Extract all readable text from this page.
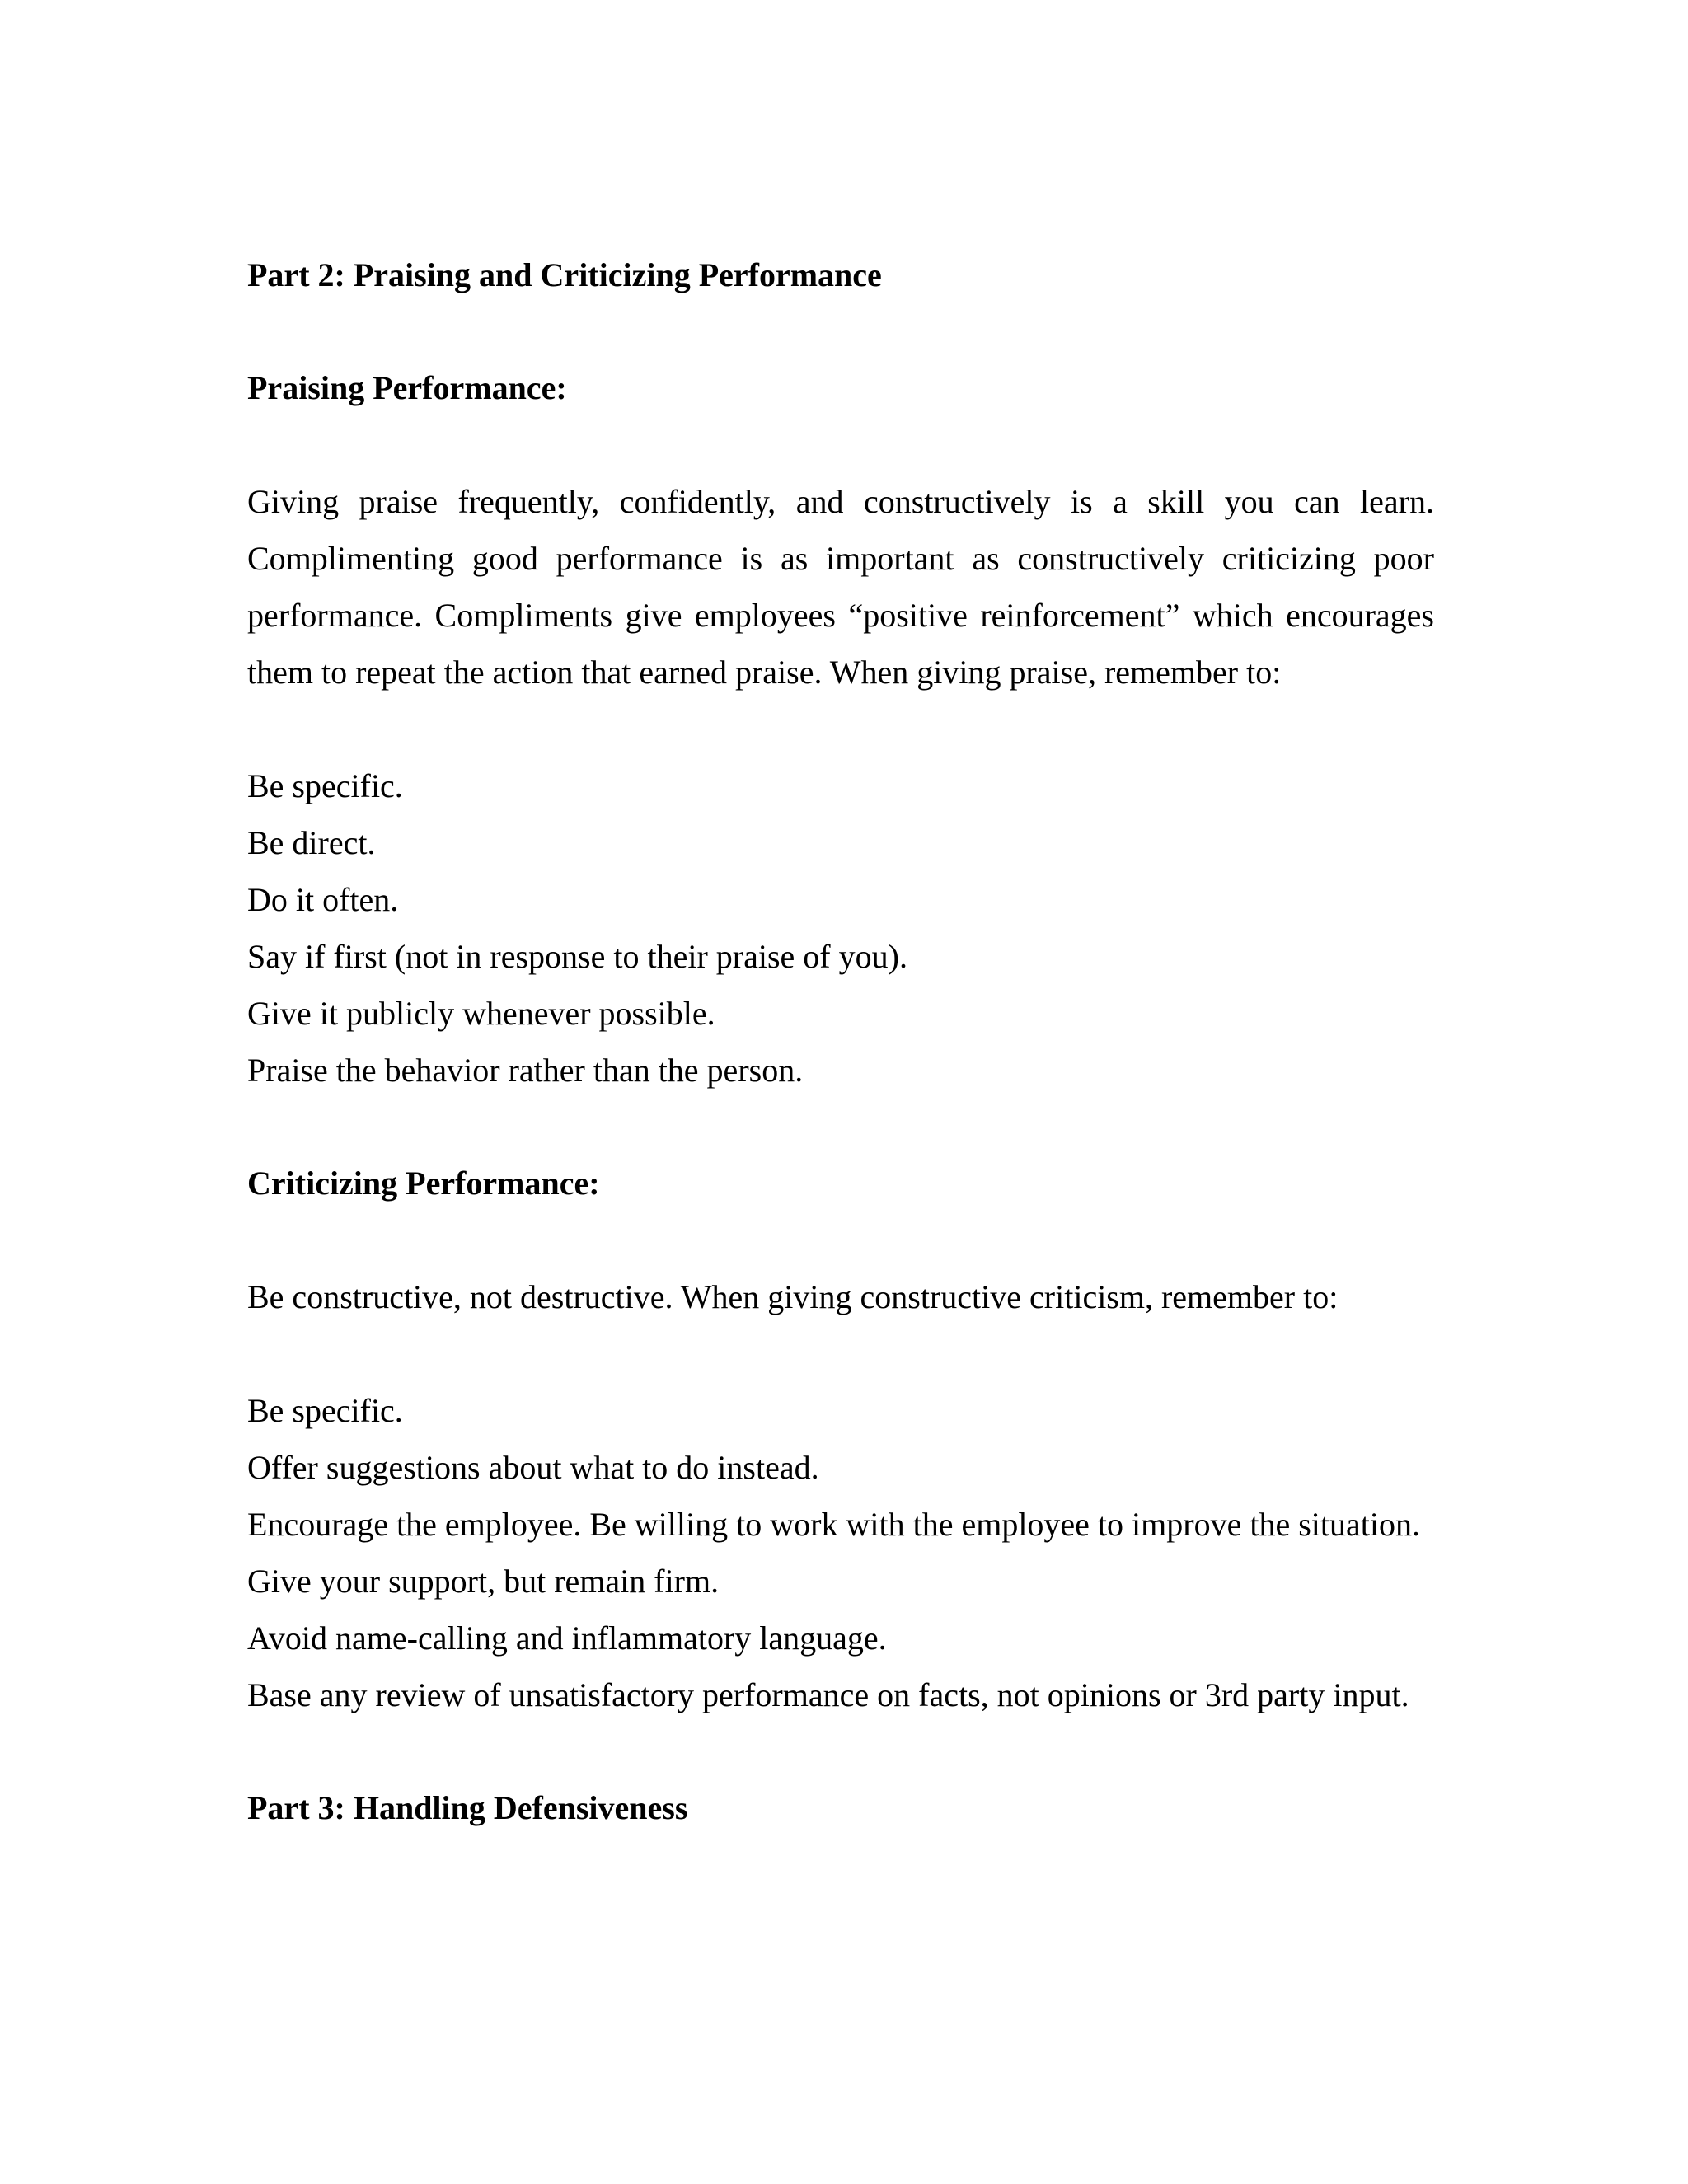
Part 2: Praising and Criticizing Performance

Praising Performance:

Giving praise frequently, confidently, and constructively is a skill you can learn. Complimenting good performance is as important as constructively criticizing poor performance. Compliments give employees “positive reinforcement” which encourages them to repeat the action that earned praise. When giving praise, remember to:

Be specific.
Be direct.
Do it often.
Say if first (not in response to their praise of you).
Give it publicly whenever possible.
Praise the behavior rather than the person.

Criticizing Performance:

Be constructive, not destructive. When giving constructive criticism, remember to:

Be specific.
Offer suggestions about what to do instead.
Encourage the employee. Be willing to work with the employee to improve the situation.
Give your support, but remain firm.
Avoid name-calling and inflammatory language.
Base any review of unsatisfactory performance on facts, not opinions or 3rd party input.

Part 3: Handling Defensiveness
